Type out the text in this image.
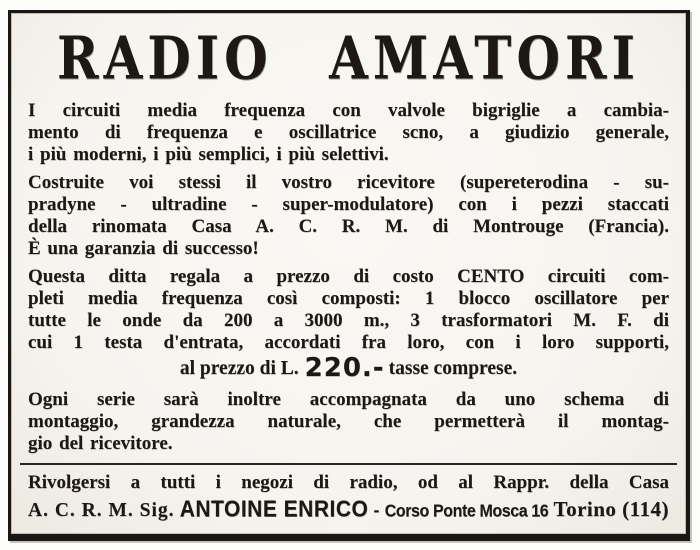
RADIO AMATORI
I circuiti media frequenza con valvole bigriglie a cambia-
mento di frequenza e oscillatrice scno, a giudizio generale,
i più moderni, i più semplici, i più selettivi.
Costruite voi stessi il vostro ricevitore (supereterodina - su-
pradyne - ultradine - super-modulatore) con i pezzi staccati
della rinomata Casa A. C. R. M. di Montrouge (Francia).
È una garanzia di successo!
Questa ditta regala a prezzo di costo CENTO circuiti com-
pleti media frequenza così composti: 1 blocco oscillatore per
tutte le onde da 200 a 3000 m., 3 trasformatori M. F. di
cui 1 testa d'entrata, accordati fra loro, con i loro supporti,
al prezzo di L. 220.- tasse comprese.
Ogni serie sarà inoltre accompagnata da uno schema di
montaggio, grandezza naturale, che permetterà il montag-
gio del ricevitore.
Rivolgersi a tutti i negozi di radio, od al Rappr. della Casa
A. C. R. M. Sig. ANTOINE ENRICO - Corso Ponte Mosca 16 Torino (114)
